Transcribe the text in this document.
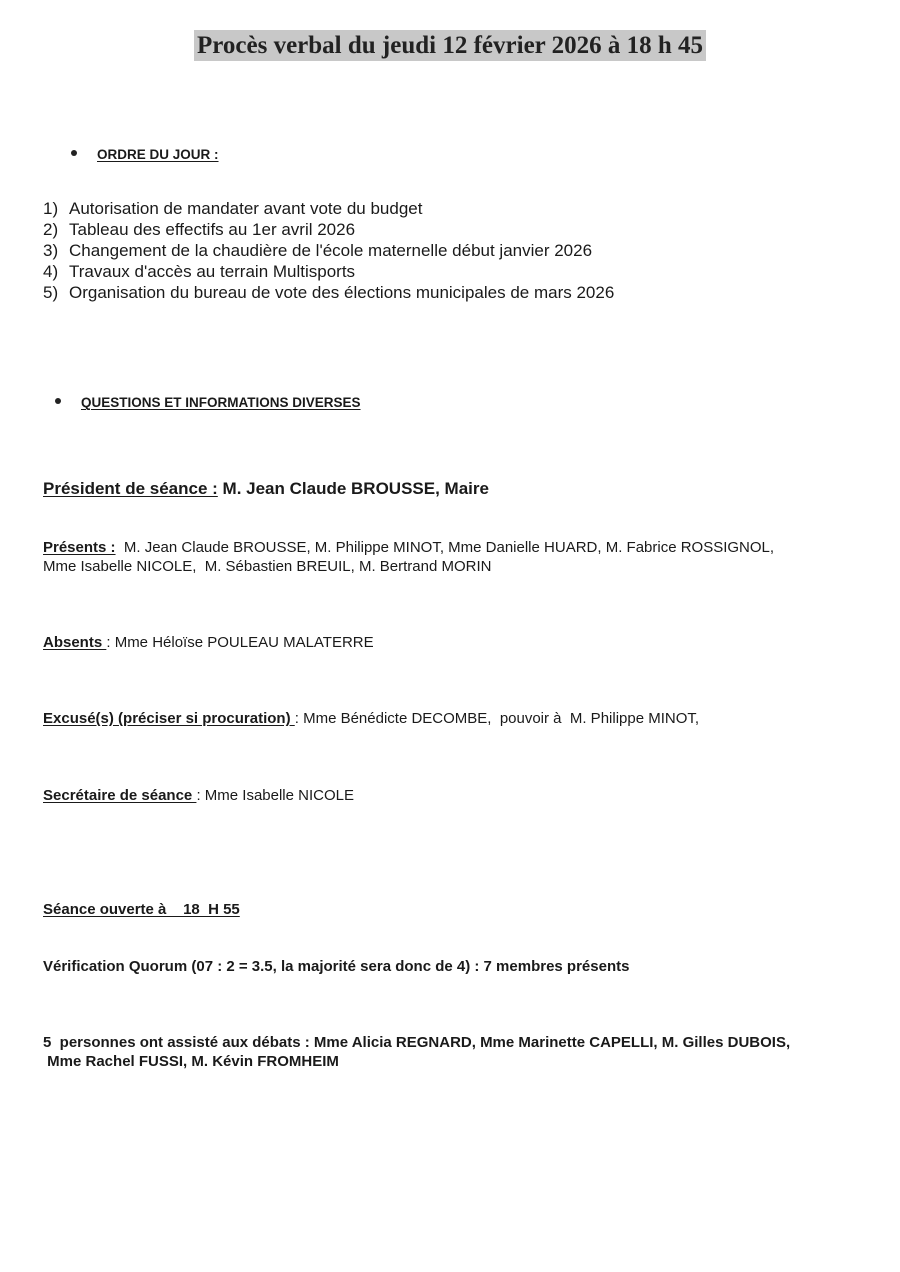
Procès verbal du jeudi 12 février 2026 à 18 h 45
ORDRE DU JOUR :
1) Autorisation de mandater avant vote du budget
2) Tableau des effectifs au 1er avril 2026
3) Changement de la chaudière de l'école maternelle début janvier 2026
4) Travaux d'accès au terrain Multisports
5) Organisation du bureau de vote des élections municipales de mars 2026
QUESTIONS ET INFORMATIONS DIVERSES
Président de séance : M. Jean Claude BROUSSE, Maire
Présents :  M. Jean Claude BROUSSE, M. Philippe MINOT, Mme Danielle HUARD, M. Fabrice ROSSIGNOL,
Mme Isabelle NICOLE,  M. Sébastien BREUIL, M. Bertrand MORIN
Absents : Mme Héloïse POULEAU MALATERRE
Excusé(s) (préciser si procuration) : Mme Bénédicte DECOMBE,  pouvoir à  M. Philippe MINOT,
Secrétaire de séance : Mme Isabelle NICOLE
Séance ouverte à    18  H 55
Vérification Quorum (07 : 2 = 3.5, la majorité sera donc de 4) : 7 membres présents
5  personnes ont assisté aux débats : Mme Alicia REGNARD, Mme Marinette CAPELLI, M. Gilles DUBOIS,
Mme Rachel FUSSI, M. Kévin FROMHEIM
